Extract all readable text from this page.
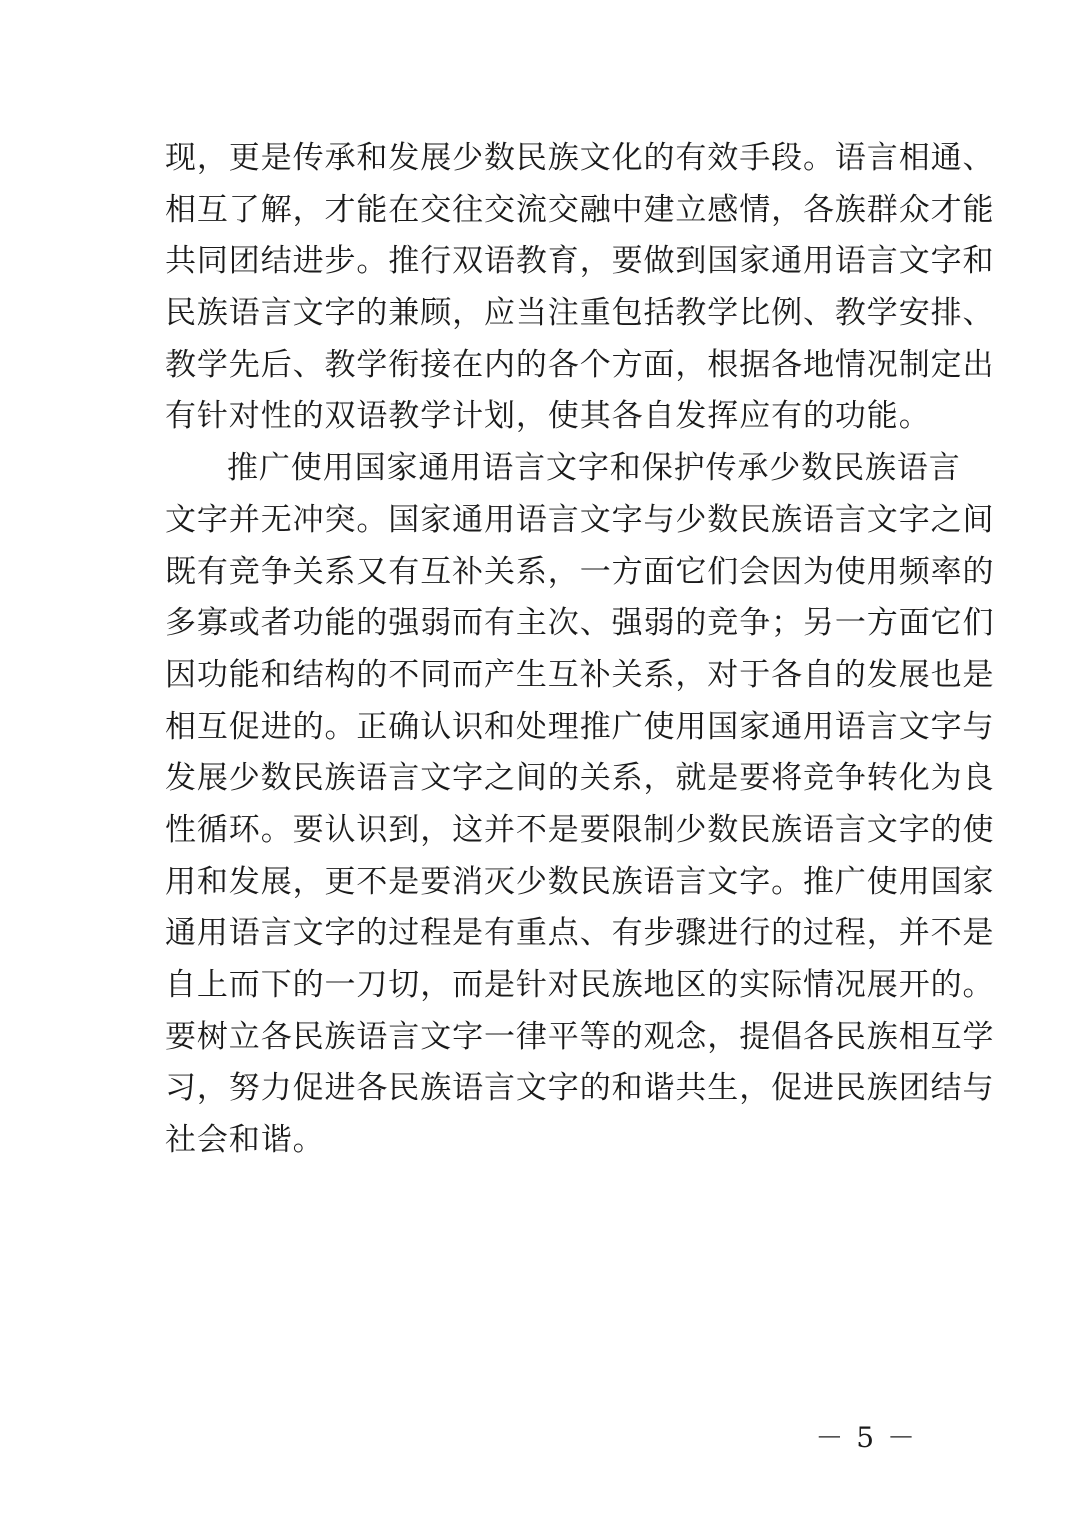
现，更是传承和发展少数民族文化的有效手段。语言相通、
相互了解，才能在交往交流交融中建立感情，各族群众才能
共同团结进步。推行双语教育，要做到国家通用语言文字和
民族语言文字的兼顾，应当注重包括教学比例、教学安排、
教学先后、教学衔接在内的各个方面，根据各地情况制定出
有针对性的双语教学计划，使其各自发挥应有的功能。
推广使用国家通用语言文字和保护传承少数民族语言
文字并无冲突。国家通用语言文字与少数民族语言文字之间
既有竞争关系又有互补关系，一方面它们会因为使用频率的
多寡或者功能的强弱而有主次、强弱的竞争；另一方面它们
因功能和结构的不同而产生互补关系，对于各自的发展也是
相互促进的。正确认识和处理推广使用国家通用语言文字与
发展少数民族语言文字之间的关系，就是要将竞争转化为良
性循环。要认识到，这并不是要限制少数民族语言文字的使
用和发展，更不是要消灭少数民族语言文字。推广使用国家
通用语言文字的过程是有重点、有步骤进行的过程，并不是
自上而下的一刀切，而是针对民族地区的实际情况展开的。
要树立各民族语言文字一律平等的观念，提倡各民族相互学
习，努力促进各民族语言文字的和谐共生，促进民族团结与
社会和谐。
－ 5 －
